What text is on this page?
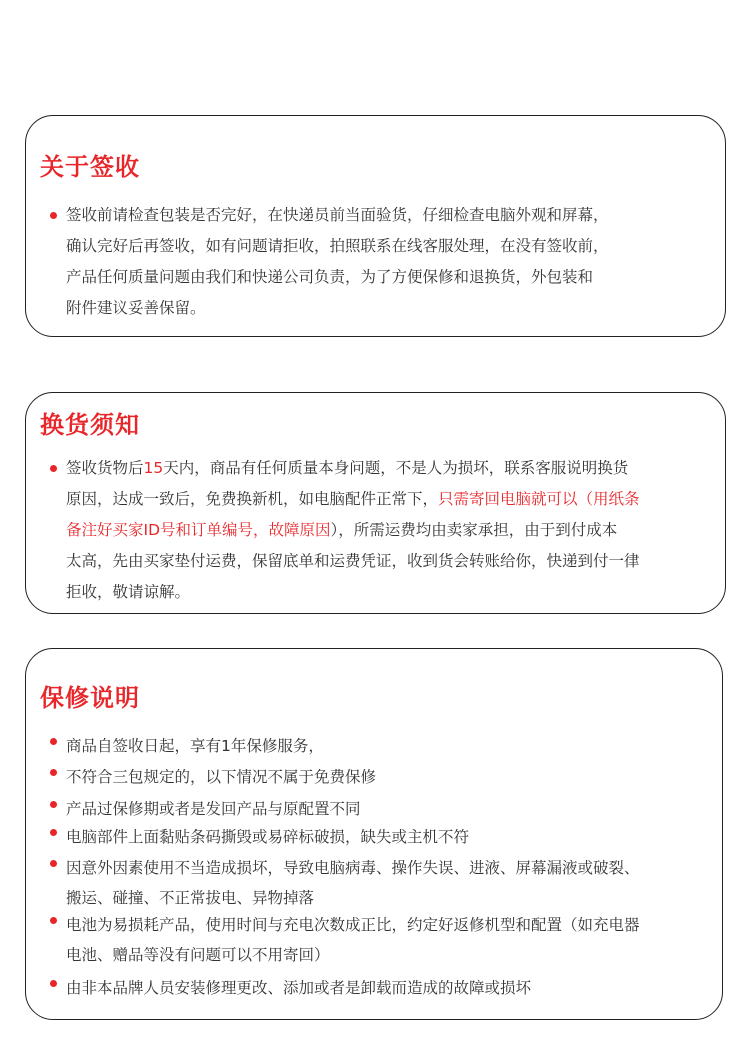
关于签收

签收前请检查包装是否完好，在快递员前当面验货，仔细检查电脑外观和屏幕，
确认完好后再签收，如有问题请拒收，拍照联系在线客服处理，在没有签收前，
产品任何质量问题由我们和快递公司负责，为了方便保修和退换货，外包装和
附件建议妥善保留。

换货须知

签收货物后15天内，商品有任何质量本身问题，不是人为损坏，联系客服说明换货
原因，达成一致后，免费换新机，如电脑配件正常下，只需寄回电脑就可以（用纸条
备注好买家ID号和订单编号，故障原因），所需运费均由卖家承担，由于到付成本
太高，先由买家垫付运费，保留底单和运费凭证，收到货会转账给你，快递到付一律
拒收，敬请谅解。

保修说明

商品自签收日起，享有1年保修服务，

不符合三包规定的，以下情况不属于免费保修

产品过保修期或者是发回产品与原配置不同

电脑部件上面黏贴条码撕毁或易碎标破损，缺失或主机不符

因意外因素使用不当造成损坏，导致电脑病毒、操作失误、进液、屏幕漏液或破裂、
搬运、碰撞、不正常拔电、异物掉落

电池为易损耗产品，使用时间与充电次数成正比，约定好返修机型和配置（如充电器
电池、赠品等没有问题可以不用寄回）

由非本品牌人员安装修理更改、添加或者是卸载而造成的故障或损坏
